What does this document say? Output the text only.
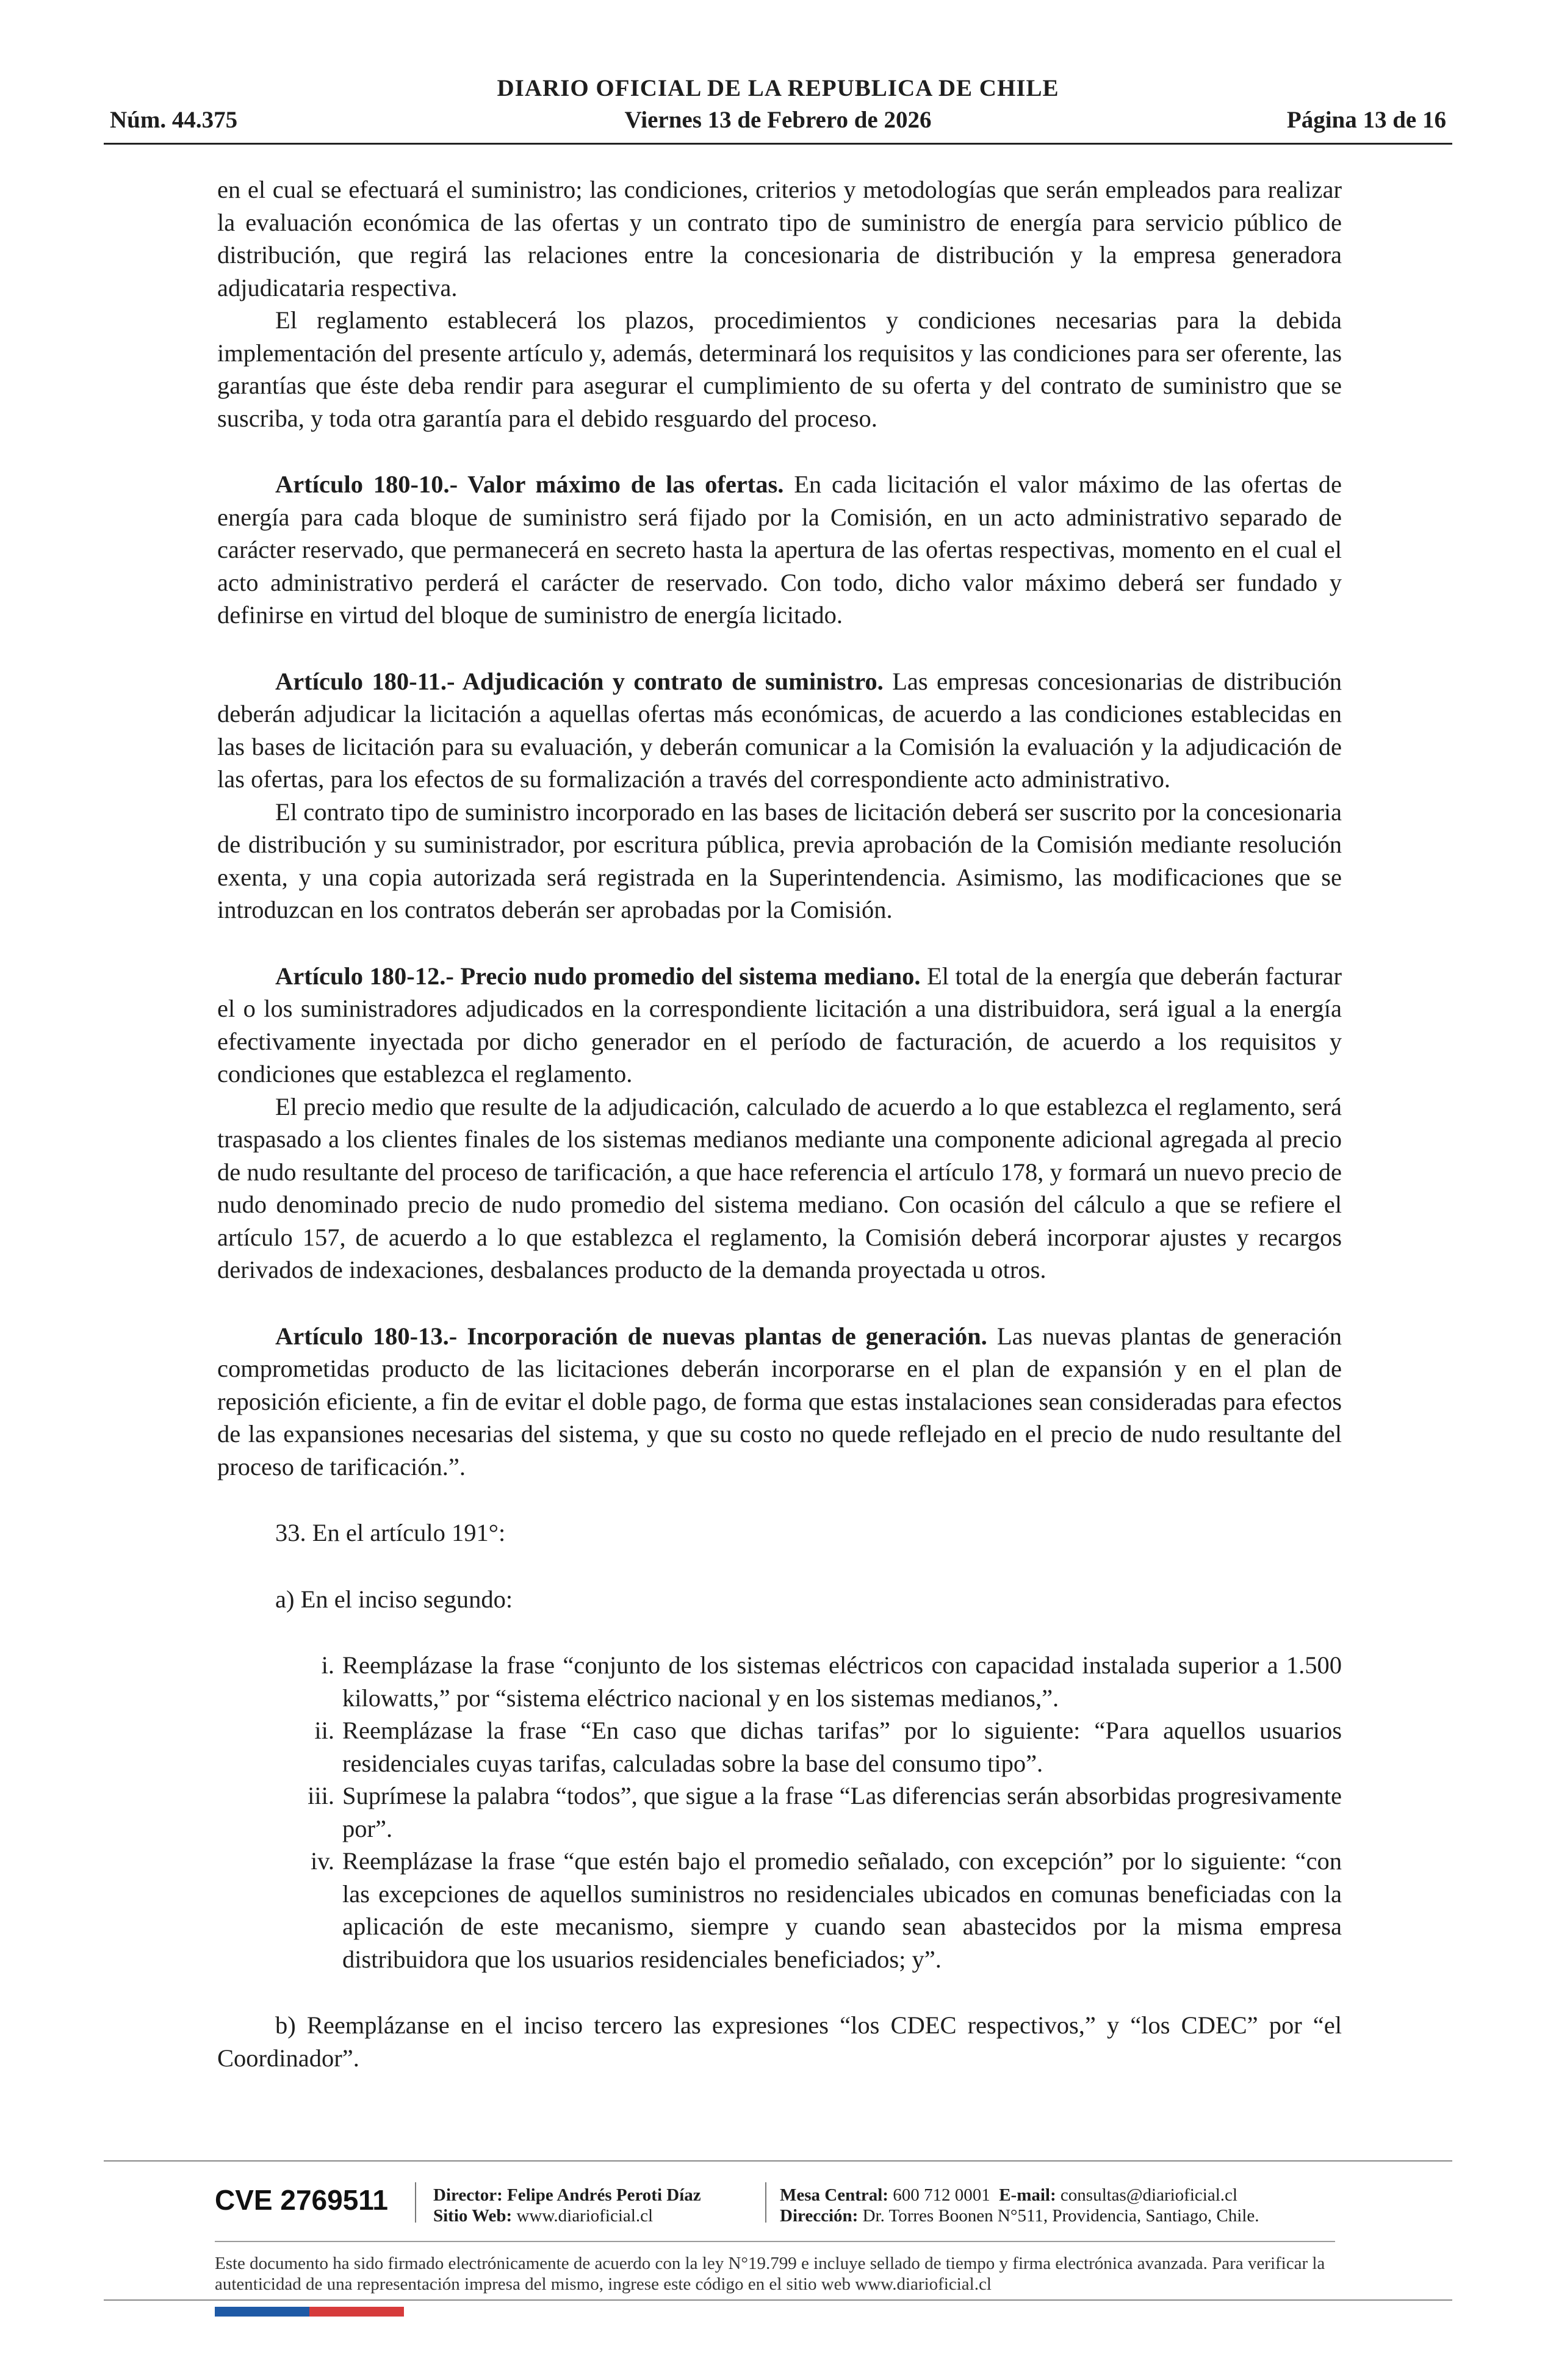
DIARIO OFICIAL DE LA REPUBLICA DE CHILE
Núm. 44.375	Viernes 13 de Febrero de 2026	Página 13 de 16

en el cual se efectuará el suministro; las condiciones, criterios y metodologías que serán empleados para realizar la evaluación económica de las ofertas y un contrato tipo de suministro de energía para servicio público de distribución, que regirá las relaciones entre la concesionaria de distribución y la empresa generadora adjudicataria respectiva.

El reglamento establecerá los plazos, procedimientos y condiciones necesarias para la debida implementación del presente artículo y, además, determinará los requisitos y las condiciones para ser oferente, las garantías que éste deba rendir para asegurar el cumplimiento de su oferta y del contrato de suministro que se suscriba, y toda otra garantía para el debido resguardo del proceso.

Artículo 180-10.- Valor máximo de las ofertas. En cada licitación el valor máximo de las ofertas de energía para cada bloque de suministro será fijado por la Comisión, en un acto administrativo separado de carácter reservado, que permanecerá en secreto hasta la apertura de las ofertas respectivas, momento en el cual el acto administrativo perderá el carácter de reservado. Con todo, dicho valor máximo deberá ser fundado y definirse en virtud del bloque de suministro de energía licitado.

Artículo 180-11.- Adjudicación y contrato de suministro. Las empresas concesionarias de distribución deberán adjudicar la licitación a aquellas ofertas más económicas, de acuerdo a las condiciones establecidas en las bases de licitación para su evaluación, y deberán comunicar a la Comisión la evaluación y la adjudicación de las ofertas, para los efectos de su formalización a través del correspondiente acto administrativo.

El contrato tipo de suministro incorporado en las bases de licitación deberá ser suscrito por la concesionaria de distribución y su suministrador, por escritura pública, previa aprobación de la Comisión mediante resolución exenta, y una copia autorizada será registrada en la Superintendencia. Asimismo, las modificaciones que se introduzcan en los contratos deberán ser aprobadas por la Comisión.

Artículo 180-12.- Precio nudo promedio del sistema mediano. El total de la energía que deberán facturar el o los suministradores adjudicados en la correspondiente licitación a una distribuidora, será igual a la energía efectivamente inyectada por dicho generador en el período de facturación, de acuerdo a los requisitos y condiciones que establezca el reglamento.

El precio medio que resulte de la adjudicación, calculado de acuerdo a lo que establezca el reglamento, será traspasado a los clientes finales de los sistemas medianos mediante una componente adicional agregada al precio de nudo resultante del proceso de tarificación, a que hace referencia el artículo 178, y formará un nuevo precio de nudo denominado precio de nudo promedio del sistema mediano. Con ocasión del cálculo a que se refiere el artículo 157, de acuerdo a lo que establezca el reglamento, la Comisión deberá incorporar ajustes y recargos derivados de indexaciones, desbalances producto de la demanda proyectada u otros.

Artículo 180-13.- Incorporación de nuevas plantas de generación. Las nuevas plantas de generación comprometidas producto de las licitaciones deberán incorporarse en el plan de expansión y en el plan de reposición eficiente, a fin de evitar el doble pago, de forma que estas instalaciones sean consideradas para efectos de las expansiones necesarias del sistema, y que su costo no quede reflejado en el precio de nudo resultante del proceso de tarificación.”.

33. En el artículo 191°:

a) En el inciso segundo:

i. Reemplázase la frase “conjunto de los sistemas eléctricos con capacidad instalada superior a 1.500 kilowatts,” por “sistema eléctrico nacional y en los sistemas medianos,”.
ii. Reemplázase la frase “En caso que dichas tarifas” por lo siguiente: “Para aquellos usuarios residenciales cuyas tarifas, calculadas sobre la base del consumo tipo”.
iii. Suprímese la palabra “todos”, que sigue a la frase “Las diferencias serán absorbidas progresivamente por”.
iv. Reemplázase la frase “que estén bajo el promedio señalado, con excepción” por lo siguiente: “con las excepciones de aquellos suministros no residenciales ubicados en comunas beneficiadas con la aplicación de este mecanismo, siempre y cuando sean abastecidos por la misma empresa distribuidora que los usuarios residenciales beneficiados; y”.

b) Reemplázanse en el inciso tercero las expresiones “los CDEC respectivos,” y “los CDEC” por “el Coordinador”.

CVE 2769511	Director: Felipe Andrés Peroti Díaz
Sitio Web: www.diarioficial.cl
Mesa Central: 600 712 0001 E-mail: consultas@diarioficial.cl
Dirección: Dr. Torres Boonen N°511, Providencia, Santiago, Chile.
Este documento ha sido firmado electrónicamente de acuerdo con la ley N°19.799 e incluye sellado de tiempo y firma electrónica avanzada. Para verificar la autenticidad de una representación impresa del mismo, ingrese este código en el sitio web www.diarioficial.cl
